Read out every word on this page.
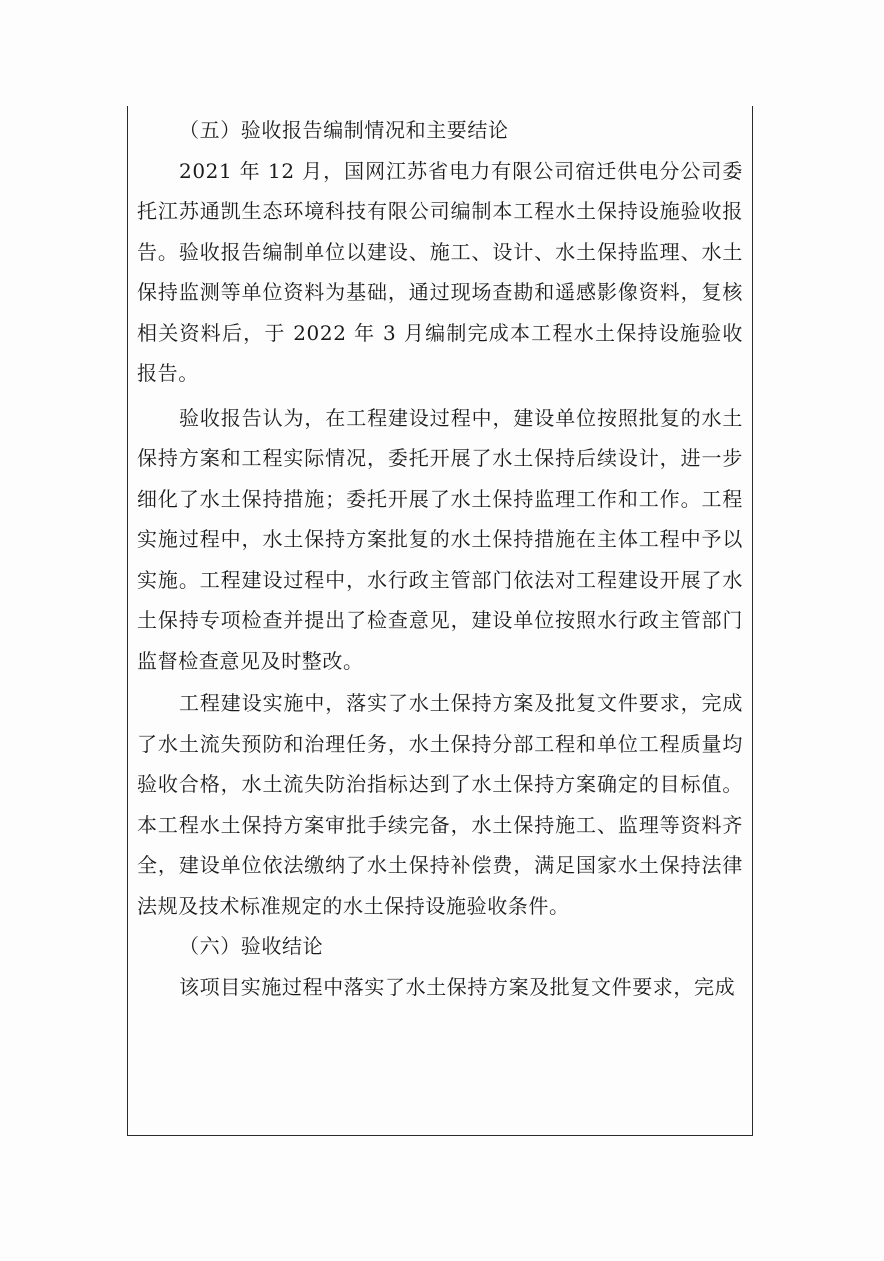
（五）验收报告编制情况和主要结论

2021 年 12 月，国网江苏省电力有限公司宿迁供电分公司委托江苏通凯生态环境科技有限公司编制本工程水土保持设施验收报告。验收报告编制单位以建设、施工、设计、水土保持监理、水土保持监测等单位资料为基础，通过现场查勘和遥感影像资料，复核相关资料后，于 2022 年 3 月编制完成本工程水土保持设施验收报告。

验收报告认为，在工程建设过程中，建设单位按照批复的水土保持方案和工程实际情况，委托开展了水土保持后续设计，进一步细化了水土保持措施；委托开展了水土保持监理工作和工作。工程实施过程中，水土保持方案批复的水土保持措施在主体工程中予以实施。工程建设过程中，水行政主管部门依法对工程建设开展了水土保持专项检查并提出了检查意见，建设单位按照水行政主管部门监督检查意见及时整改。

工程建设实施中，落实了水土保持方案及批复文件要求，完成了水土流失预防和治理任务，水土保持分部工程和单位工程质量均验收合格，水土流失防治指标达到了水土保持方案确定的目标值。本工程水土保持方案审批手续完备，水土保持施工、监理等资料齐全，建设单位依法缴纳了水土保持补偿费，满足国家水土保持法律法规及技术标准规定的水土保持设施验收条件。

（六）验收结论

该项目实施过程中落实了水土保持方案及批复文件要求，完成
